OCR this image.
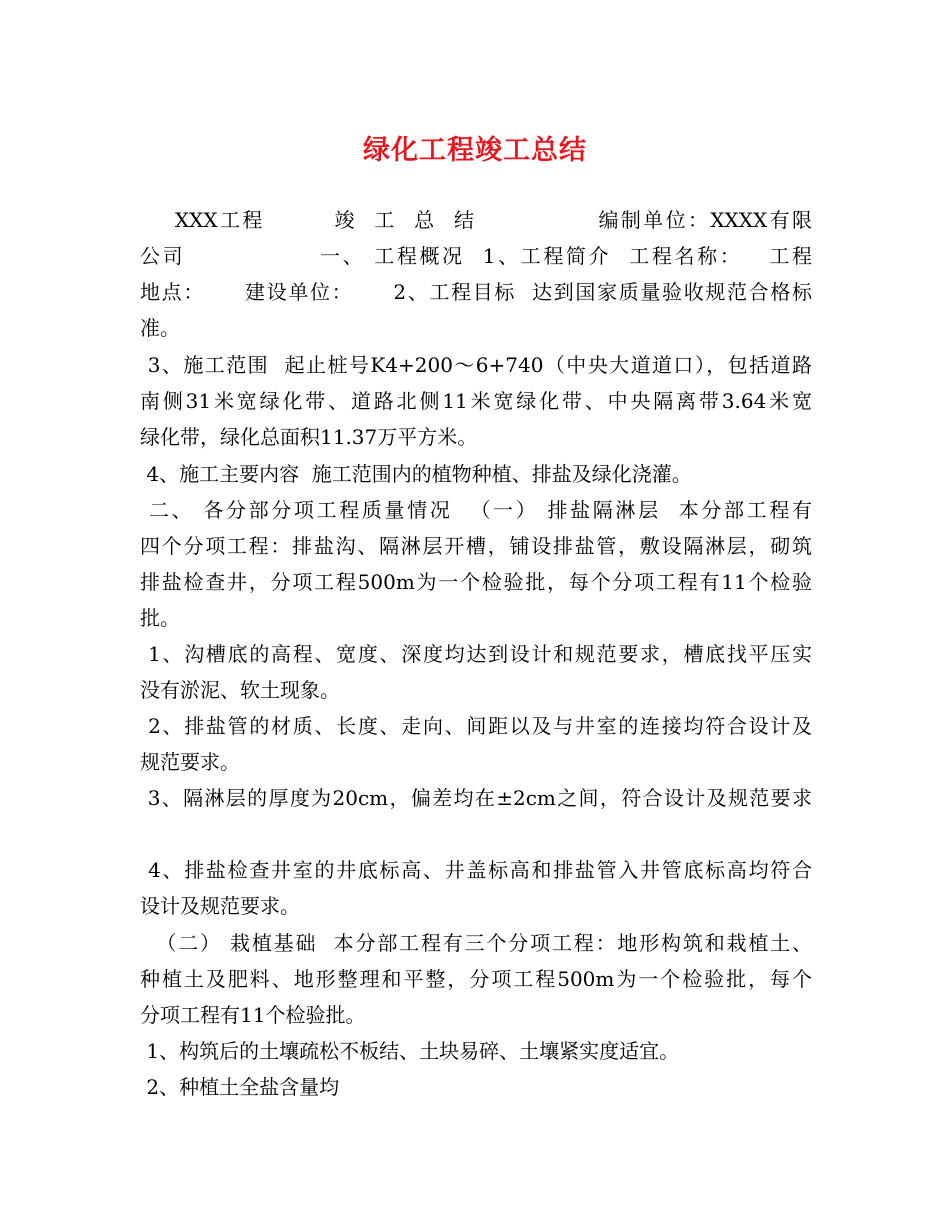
绿化工程竣工总结

XXX工程        竣  工  总  结              编制单位：XXXX有限

公司               一、 工程概况  1、工程简介  工程名称：   工程

地点：     建设单位：     2、工程目标  达到国家质量验收规范合格标

准。

3、施工范围  起止桩号K4+200～6+740（中央大道道口），包括道路

南侧31米宽绿化带、道路北侧11米宽绿化带、中央隔离带3.64米宽

绿化带，绿化总面积11.37万平方米。

4、施工主要内容  施工范围内的植物种植、排盐及绿化浇灌。

二、 各分部分项工程质量情况  （一） 排盐隔淋层  本分部工程有

四个分项工程：排盐沟、隔淋层开槽，铺设排盐管，敷设隔淋层，砌筑

排盐检查井，分项工程500m为一个检验批，每个分项工程有11个检验

批。

1、沟槽底的高程、宽度、深度均达到设计和规范要求，槽底找平压实

没有淤泥、软土现象。

2、排盐管的材质、长度、走向、间距以及与井室的连接均符合设计及

规范要求。

3、隔淋层的厚度为20cm，偏差均在±2cm之间，符合设计及规范要求

4、排盐检查井室的井底标高、井盖标高和排盐管入井管底标高均符合

设计及规范要求。

（二） 栽植基础  本分部工程有三个分项工程：地形构筑和栽植土、

种植土及肥料、地形整理和平整，分项工程500m为一个检验批，每个

分项工程有11个检验批。

1、构筑后的土壤疏松不板结、土块易碎、土壤紧实度适宜。

2、种植土全盐含量均
